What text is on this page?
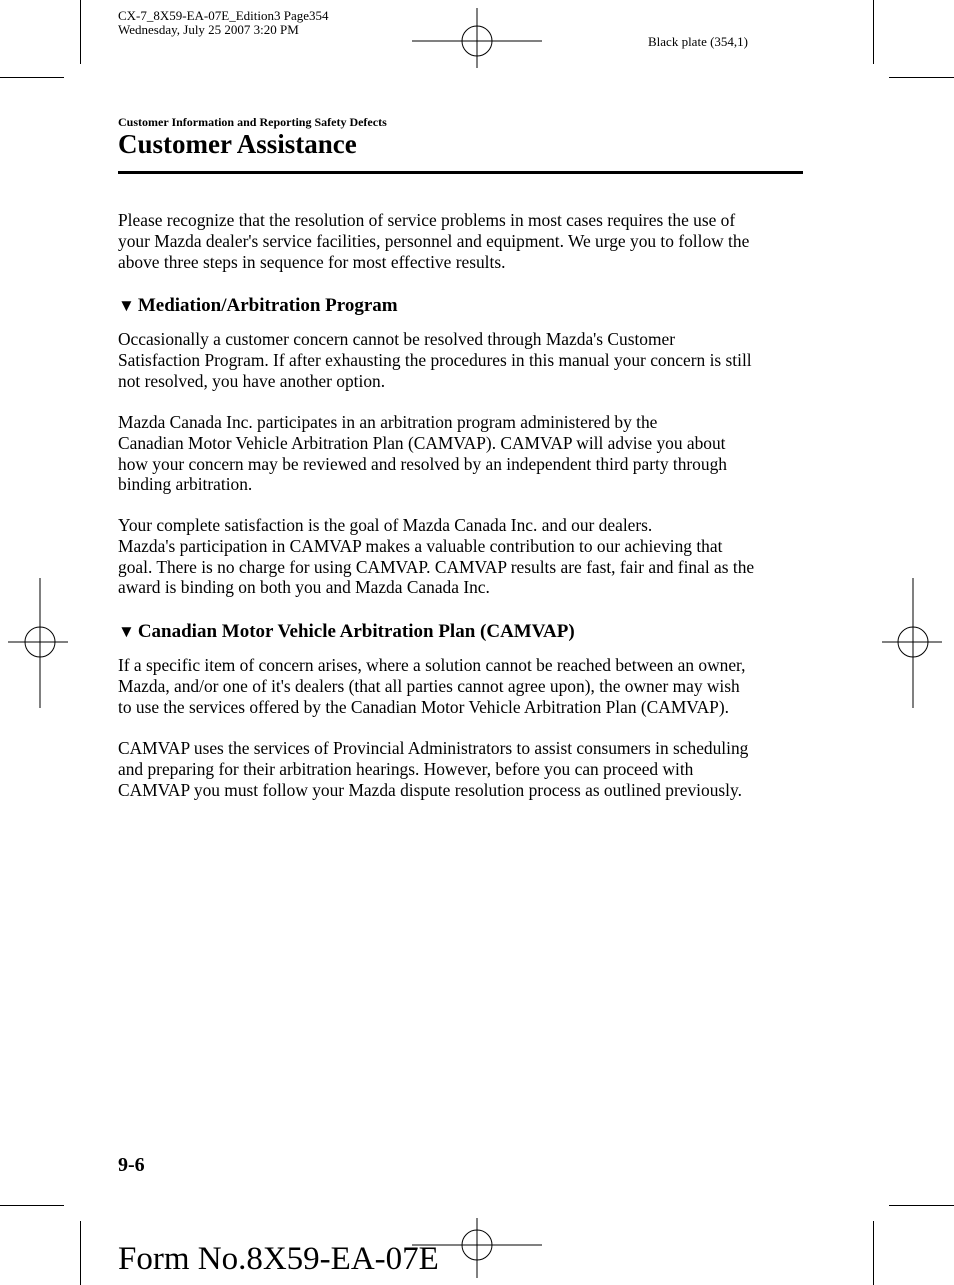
CX-7_8X59-EA-07E_Edition3 Page354
Wednesday, July 25 2007 3:20 PM
Black plate (354,1)
Customer Information and Reporting Safety Defects
Customer Assistance
Please recognize that the resolution of service problems in most cases requires the use of
your Mazda dealer's service facilities, personnel and equipment. We urge you to follow the
above three steps in sequence for most effective results.
▼ Mediation/Arbitration Program
Occasionally a customer concern cannot be resolved through Mazda's Customer
Satisfaction Program. If after exhausting the procedures in this manual your concern is still
not resolved, you have another option.
Mazda Canada Inc. participates in an arbitration program administered by the
Canadian Motor Vehicle Arbitration Plan (CAMVAP). CAMVAP will advise you about
how your concern may be reviewed and resolved by an independent third party through
binding arbitration.
Your complete satisfaction is the goal of Mazda Canada Inc. and our dealers.
Mazda's participation in CAMVAP makes a valuable contribution to our achieving that
goal. There is no charge for using CAMVAP. CAMVAP results are fast, fair and final as the
award is binding on both you and Mazda Canada Inc.
▼ Canadian Motor Vehicle Arbitration Plan (CAMVAP)
If a specific item of concern arises, where a solution cannot be reached between an owner,
Mazda, and/or one of it's dealers (that all parties cannot agree upon), the owner may wish
to use the services offered by the Canadian Motor Vehicle Arbitration Plan (CAMVAP).
CAMVAP uses the services of Provincial Administrators to assist consumers in scheduling
and preparing for their arbitration hearings. However, before you can proceed with
CAMVAP you must follow your Mazda dispute resolution process as outlined previously.
9-6
Form No.8X59-EA-07E
